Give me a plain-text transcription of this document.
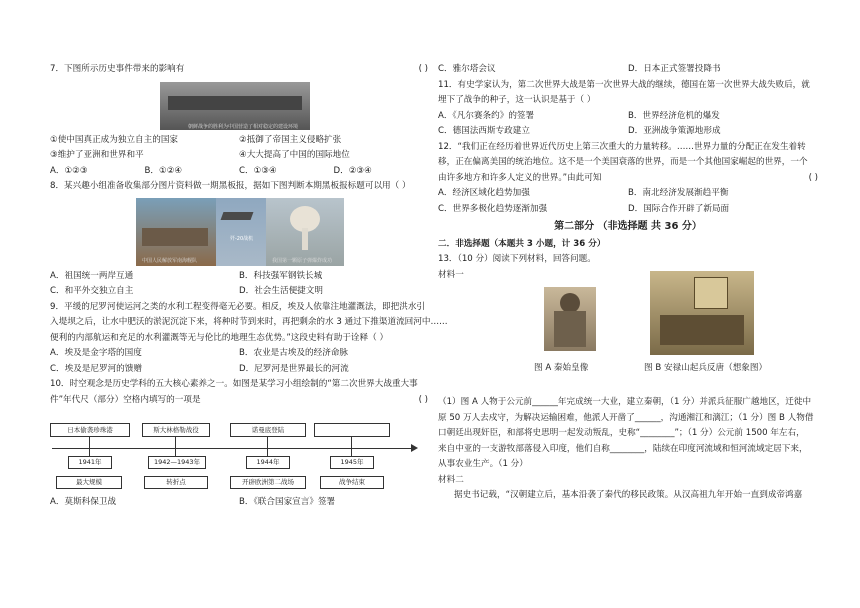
7．下图所示历史事件带来的影响有	( )
朝鲜战争的胜利为中国营造了相对稳定的建设环境
①使中国真正成为独立自主的国家	②抵御了帝国主义侵略扩张
③维护了亚洲和世界和平	④大大提高了中国的国际地位
A．①②③	B．①②④	C．①③④	D．②③④
8．某兴趣小组准备收集部分图片资料做一期黑板报，据如下图判断本期黑板报标题可以用（ ）
中国人民解放军南海舰队
歼-20战机
我国第一颗原子弹爆炸成功
A．祖国统一两岸互通	B．科技强军钢铁长城
C．和平外交独立自主	D．社会生活便捷文明
9．平缓的尼罗河使运河之类的水利工程变得毫无必要。相反，埃及人依靠注地灌溉法，即把洪水引
入堤坝之后，让水中肥沃的淤泥沉淀下来，将种时节到来时，再把剩余的水 3 通过下推渠道流回河中……
便利的内部航运和充足的水利灌溉等无与伦比的地理生态优势。”这段史料有助于诠释（ ）
A．埃及是金字塔的国度	B．农业是古埃及的经济命脉
C．埃及是尼罗河的馈赠	D．尼罗河是世界最长的河流
10．时空观念是历史学科的五大核心素养之一。如图是某学习小组绘制的“第二次世界大战重大事
件”年代尺（部分）空格内填写的一项是	( )
日本偷袭珍珠港	斯大林格勒战役	诺曼底登陆
1941年	1942—1943年	1944年	1945年
最大规模	转折点	开辟欧洲第二战场	战争结束
A．莫斯科保卫战	B．《联合国家宣言》签署
C．雅尔塔会议	D．日本正式签署投降书
11．有史学家认为，第二次世界大战是第一次世界大战的继续，德国在第一次世界大战失败后，就
埋下了战争的种子，这一认识是基于（ ）
A．《凡尔赛条约》的签署	B．世界经济危机的爆发
C．德国法西斯专政建立	D．亚洲战争策源地形成
12．“我们正在经历着世界近代历史上第三次重大的力量转移。……世界力量的分配正在发生着转
移，正在偏离美国的统治地位。这不是一个美国衰落的世界，而是一个其他国家崛起的世界，一个
由许多地方和许多人定义的世界。”由此可知	( )
A．经济区域化趋势加强	B．南北经济发展渐趋平衡
C．世界多极化趋势逐渐加强	D．国际合作开辟了新局面
第二部分 （非选择题 共 36 分）
二．非选择题（本题共 3 小题，计 36 分）
13．（10 分）阅读下列材料，回答问题。
材料一
图 A 秦始皇像	图 B 安禄山起兵反唐（想象图）
（1）图 A 人物于公元前______年完成统一大业，建立秦朝，（1 分）并派兵征服广越地区，迁徙中
原 50 万人去戍守，为解决运输困难，他派人开凿了______，沟通湘江和漓江；（1 分）图 B 人物借
口朝廷出现奸臣，和部将史思明一起发动叛乱，史称“________”；（1 分）公元前 1500 年左右，
来自中亚的一支游牧部落侵入印度，他们自称________，陆续在印度河流域和恒河流域定居下来，
从事农业生产。（1 分）
材料二
据史书记载，“汉朝建立后，基本沿袭了秦代的移民政策。从汉高祖九年开始一直到成帝鸿嘉
